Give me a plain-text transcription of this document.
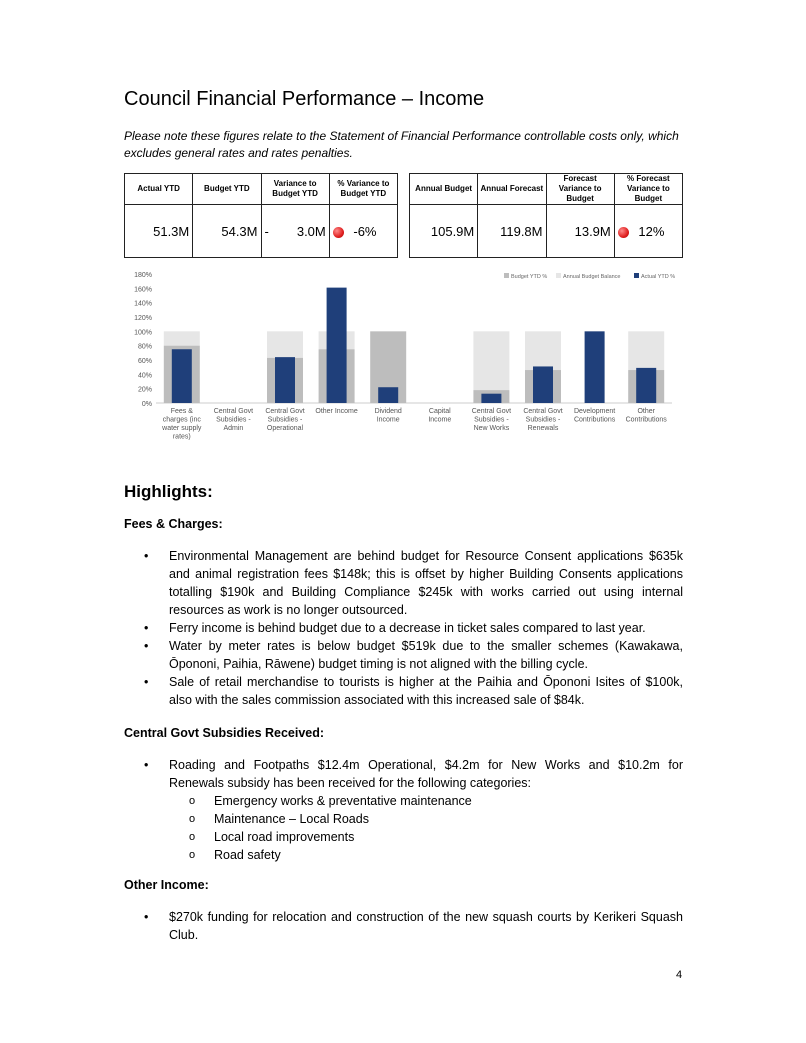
Council Financial Performance – Income
Please note these figures relate to the Statement of Financial Performance controllable costs only, which excludes general rates and rates penalties.
Actual YTD	Budget YTD	Variance to Budget YTD	% Variance to Budget YTD
51.3M	54.3M	- 3.0M	-6%
Annual Budget	Annual Forecast	Forecast Variance to Budget	% Forecast Variance to Budget
105.9M	119.8M	13.9M	12%
0%
20%
40%
60%
80%
100%
120%
140%
160%
180%
Fees &
charges (inc
water supply
rates)
Central Govt
Subsidies -
Admin
Central Govt
Subsidies -
Operational
Other Income Dividend
Income
Capital
Income
Central Govt
Subsidies -
New Works
Central Govt
Subsidies -
Renewals
Development
Contributions
Other
Contributions
Budget YTD %	Annual Budget Balance	Actual YTD %
Highlights:
Fees & Charges:
• Environmental Management are behind budget for Resource Consent applications $635k and animal registration fees $148k; this is offset by higher Building Consents applications totalling $190k and Building Compliance $245k with works carried out using internal resources as work is no longer outsourced.
• Ferry income is behind budget due to a decrease in ticket sales compared to last year.
• Water by meter rates is below budget $519k due to the smaller schemes (Kawakawa, Ōpononi, Paihia, Rāwene) budget timing is not aligned with the billing cycle.
• Sale of retail merchandise to tourists is higher at the Paihia and Ōpononi Isites of $100k, also with the sales commission associated with this increased sale of $84k.
Central Govt Subsidies Received:
• Roading and Footpaths $12.4m Operational, $4.2m for New Works and $10.2m for Renewals subsidy has been received for the following categories:
o Emergency works & preventative maintenance
o Maintenance – Local Roads
o Local road improvements
o Road safety
Other Income:
• $270k funding for relocation and construction of the new squash courts by Kerikeri Squash Club.
4
